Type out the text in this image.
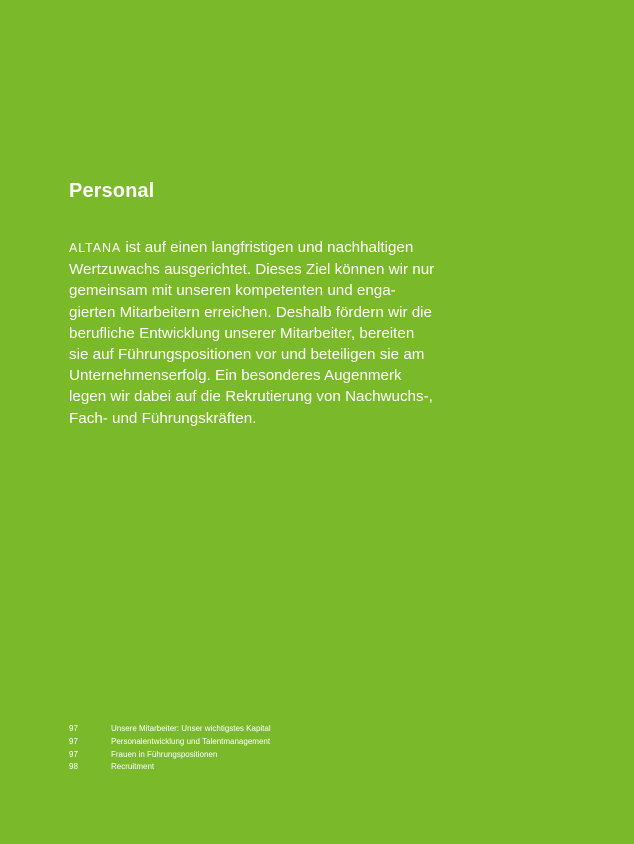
Personal

ALTANA ist auf einen langfristigen und nachhaltigen
Wertzuwachs ausgerichtet. Dieses Ziel können wir nur
gemeinsam mit unseren kompetenten und enga-
gierten Mitarbeitern erreichen. Deshalb fördern wir die
berufliche Entwicklung unserer Mitarbeiter, bereiten
sie auf Führungspositionen vor und beteiligen sie am
Unternehmenserfolg. Ein besonderes Augenmerk
legen wir dabei auf die Rekrutierung von Nachwuchs-,
Fach- und Führungskräften.

97	Unsere Mitarbeiter: Unser wichtigstes Kapital
97	Personalentwicklung und Talentmanagement
97	Frauen in Führungspositionen
98	Recruitment
